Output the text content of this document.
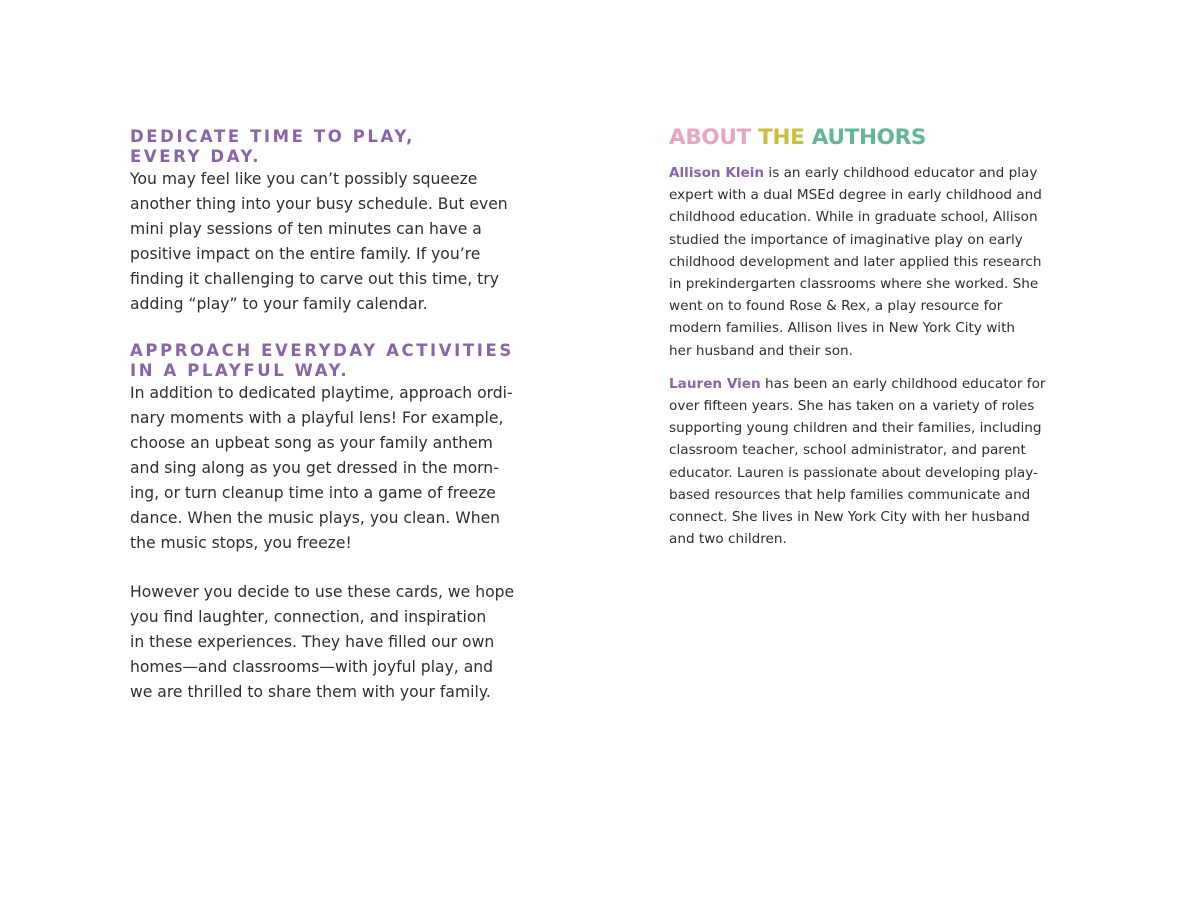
DEDICATE TIME TO PLAY,
EVERY DAY.

You may feel like you can’t possibly squeeze
another thing into your busy schedule. But even
mini play sessions of ten minutes can have a
positive impact on the entire family. If you’re
finding it challenging to carve out this time, try
adding “play” to your family calendar.

APPROACH EVERYDAY ACTIVITIES
IN A PLAYFUL WAY.

In addition to dedicated playtime, approach ordi-
nary moments with a playful lens! For example,
choose an upbeat song as your family anthem
and sing along as you get dressed in the morn-
ing, or turn cleanup time into a game of freeze
dance. When the music plays, you clean. When
the music stops, you freeze!

However you decide to use these cards, we hope
you find laughter, connection, and inspiration
in these experiences. They have filled our own
homes—and classrooms—with joyful play, and
we are thrilled to share them with your family.

ABOUT THE AUTHORS

Allison Klein is an early childhood educator and play
expert with a dual MSEd degree in early childhood and
childhood education. While in graduate school, Allison
studied the importance of imaginative play on early
childhood development and later applied this research
in prekindergarten classrooms where she worked. She
went on to found Rose & Rex, a play resource for
modern families. Allison lives in New York City with
her husband and their son.

Lauren Vien has been an early childhood educator for
over fifteen years. She has taken on a variety of roles
supporting young children and their families, including
classroom teacher, school administrator, and parent
educator. Lauren is passionate about developing play-
based resources that help families communicate and
connect. She lives in New York City with her husband
and two children.
